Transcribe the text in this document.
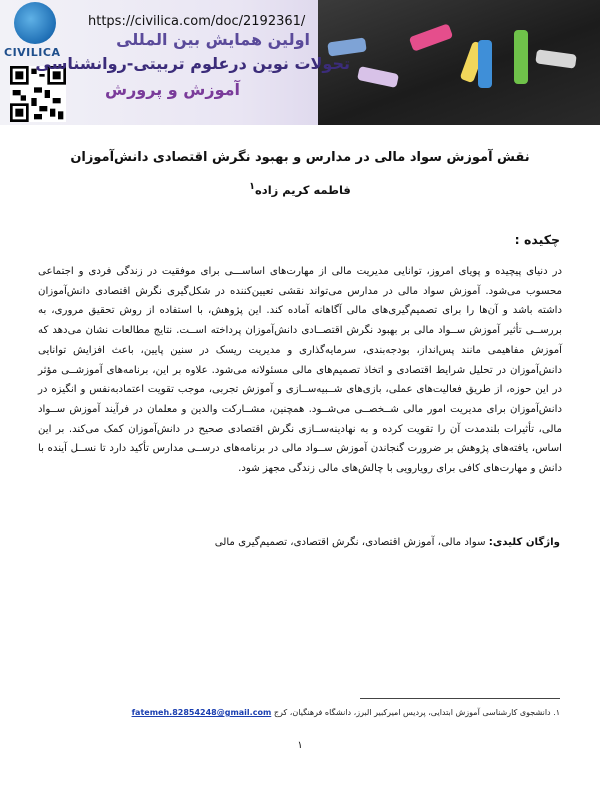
https://civilica.com/doc/2192361/
CIVILICA
اولین همایش بین المللی
تحولات نوین درعلوم تربیتی-روانشناسی
آموزش و پرورش
نقش آموزش سواد مالی در مدارس و بهبود نگرش اقتصادی دانش‌آموزان
فاطمه کریم زاده$^۱$
چکیده :
در دنیای پیچیده و پویای امروز، توانایی مدیریت مالی از مهارت‌های اساســـی برای موفقیت در زندگی فردی و اجتماعی محسوب می‌شود. آموزش سواد مالی در مدارس می‌تواند نقشی تعیین‌کننده در شکل‌گیری نگرش اقتصادی دانش‌آموزان داشته باشد و آن‌ها را برای تصمیم‌گیری‌های مالی آگاهانه آماده کند. این پژوهش، با استفاده از روش تحقیق مروری، به بررســی تأثیر آموزش ســواد مالی بر بهبود نگرش اقتصــادی دانش‌آموزان پرداخته اســت. نتایج مطالعات نشان می‌دهد که آموزش مفاهیمی مانند پس‌انداز، بودجه‌بندی، سرمایه‌گذاری و مدیریت ریسک در سنین پایین، باعث افزایش توانایی دانش‌آموزان در تحلیل شرایط اقتصادی و اتخاذ تصمیم‌های مالی مسئولانه می‌شود. علاوه بر این، برنامه‌های آموزشــی مؤثر در این حوزه، از طریق فعالیت‌های عملی، بازی‌های شــبیه‌ســازی و آموزش تجربی، موجب تقویت اعتمادبه‌نفس و انگیزه در دانش‌آموزان برای مدیریت امور مالی شــخصــی می‌شــود. همچنین، مشــارکت والدین و معلمان در فرآیند آموزش ســواد مالی، تأثیرات بلندمدت آن را تقویت کرده و به نهادینه‌ســازی نگرش اقتصادی صحیح در دانش‌آموزان کمک می‌کند. بر این اساس، یافته‌های پژوهش بر ضرورت گنجاندن آموزش ســواد مالی در برنامه‌های درســی مدارس تأکید دارد تا نســل آینده با دانش و مهارت‌های کافی برای رویارویی با چالش‌های مالی زندگی مجهز شود.
واژگان کلیدی: سواد مالی، آموزش اقتصادی، نگرش اقتصادی، تصمیم‌گیری مالی
۱. دانشجوی کارشناسی آموزش ابتدایی، پردیس امیرکبیر البرز، دانشگاه فرهنگیان، کرج fatemeh.82854248@gmail.com
۱
